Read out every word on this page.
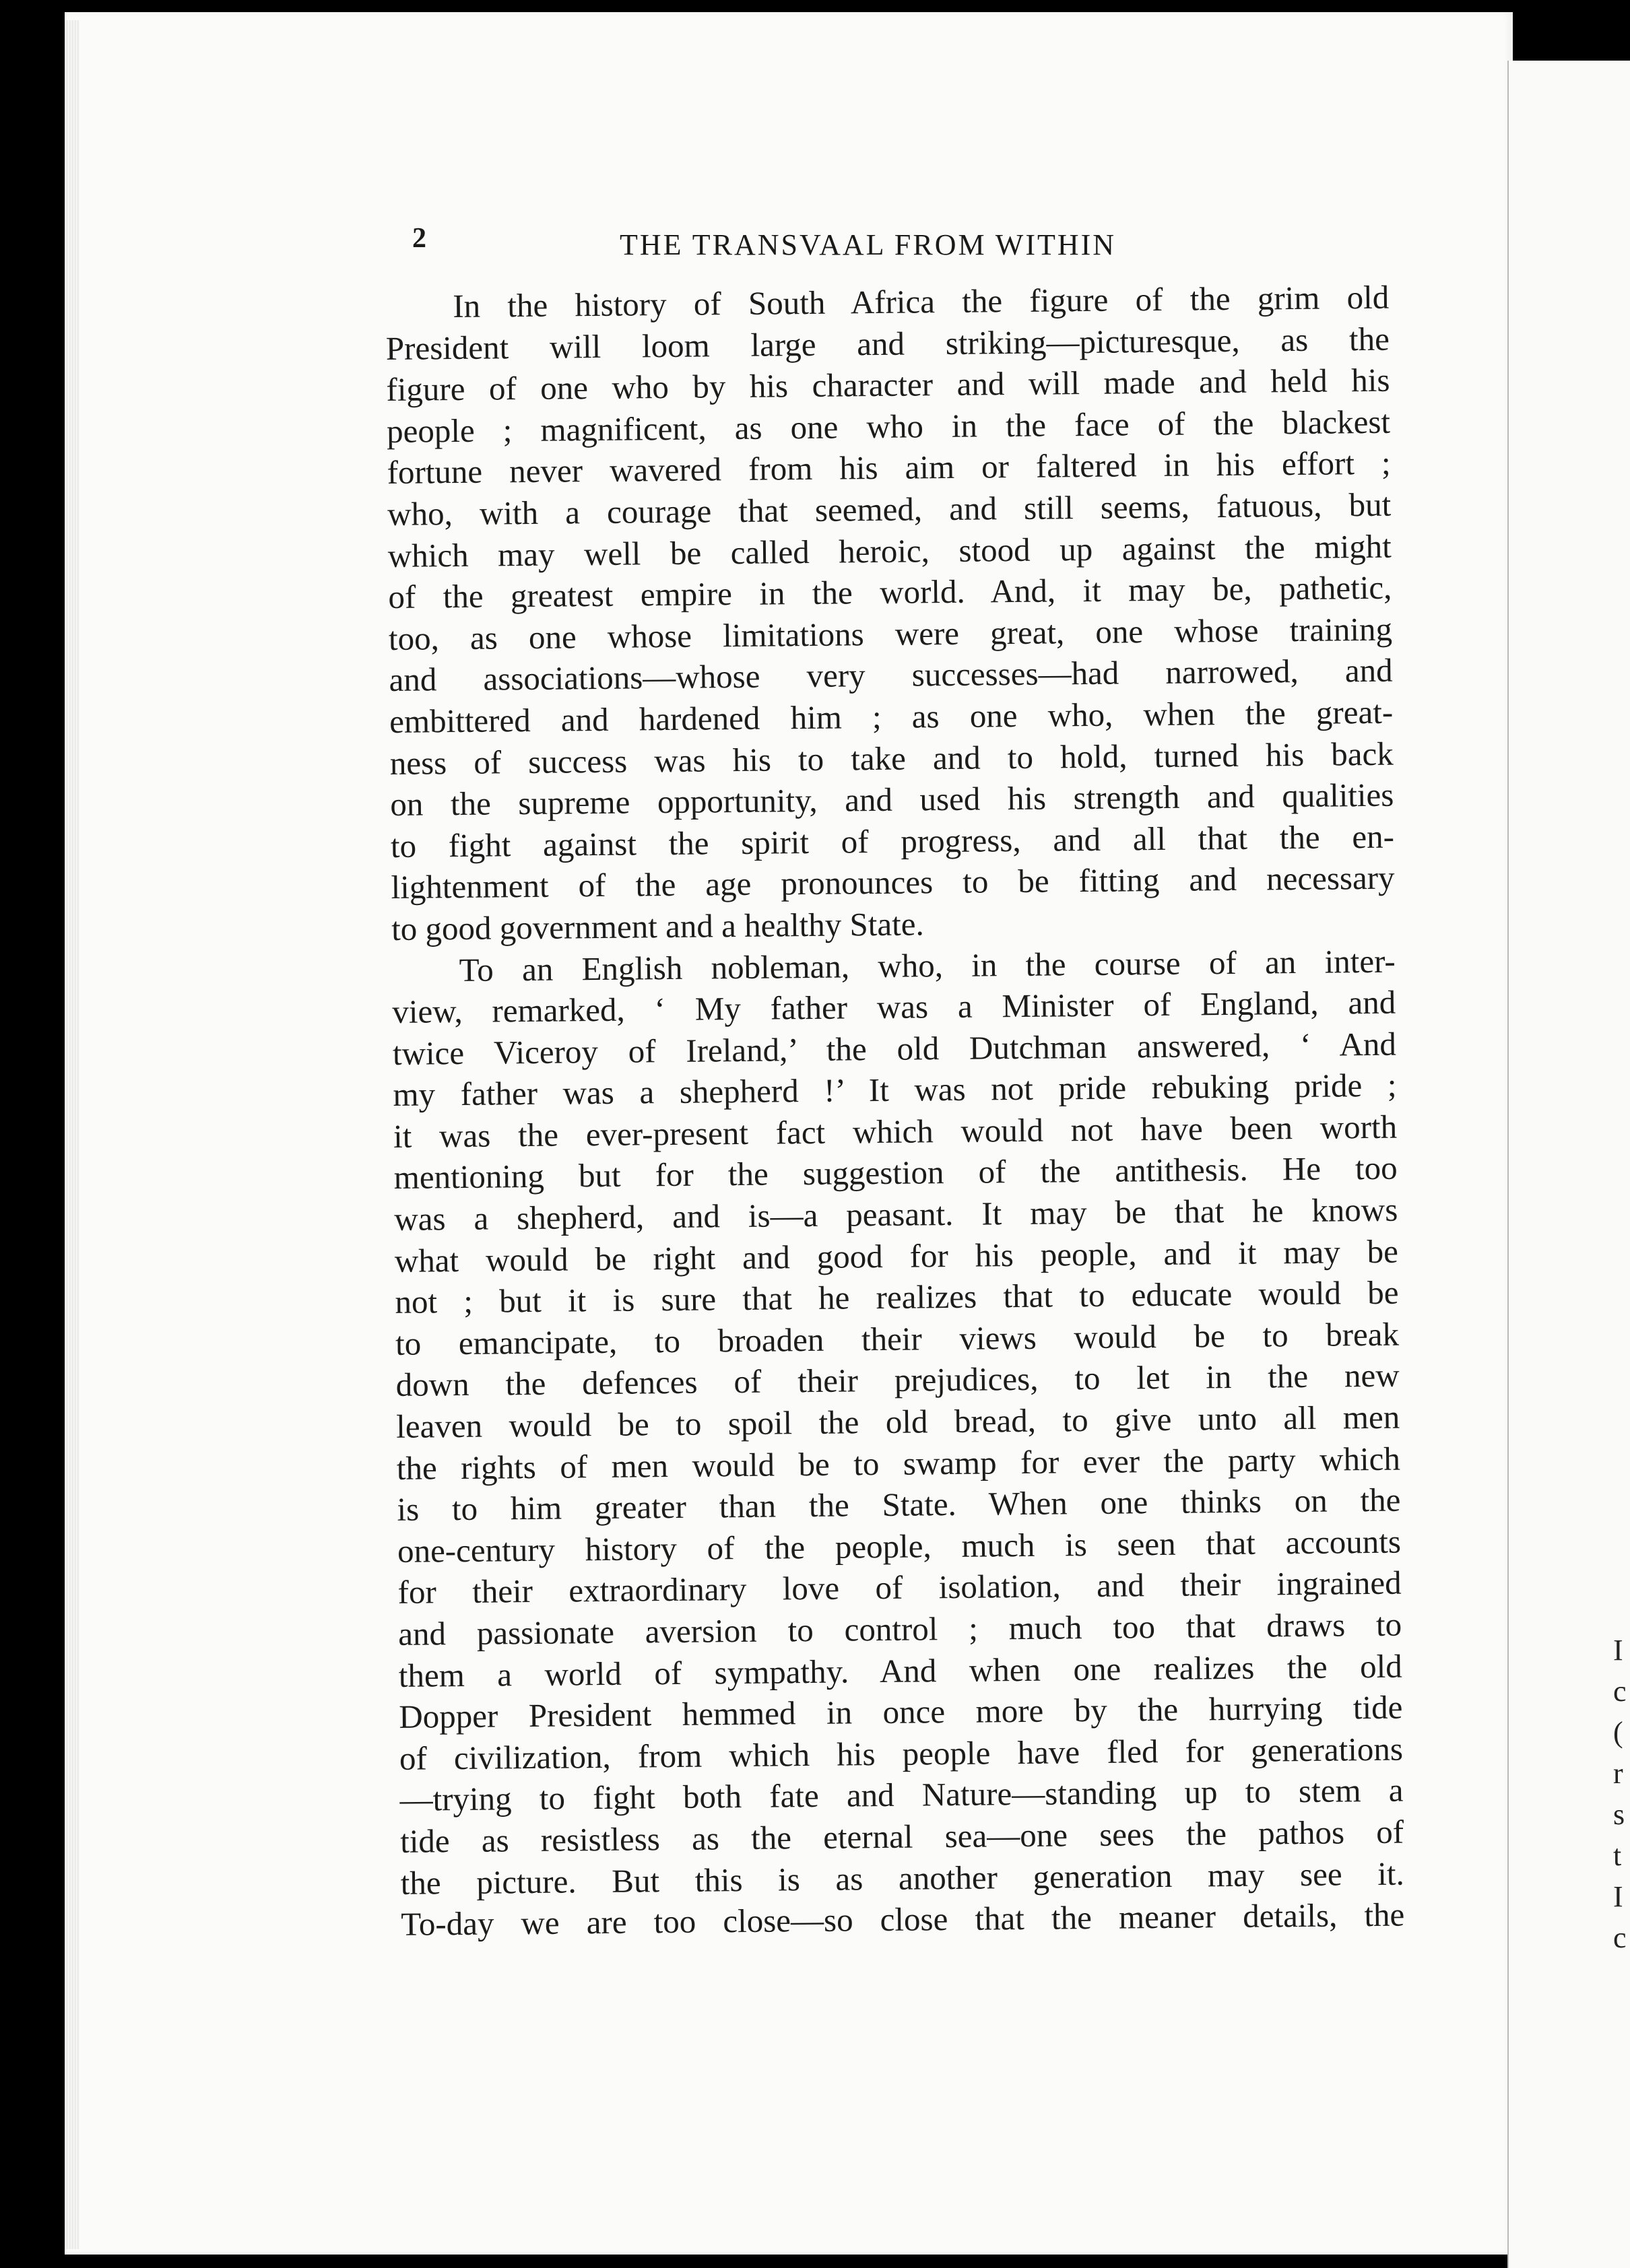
I
c
(
r
s
t
I
c
2	THE TRANSVAAL FROM WITHIN
In the history of South Africa the figure of the grim old
President will loom large and striking—picturesque, as the
figure of one who by his character and will made and held his
people ; magnificent, as one who in the face of the blackest
fortune never wavered from his aim or faltered in his effort ;
who, with a courage that seemed, and still seems, fatuous, but
which may well be called heroic, stood up against the might
of the greatest empire in the world. And, it may be, pathetic,
too, as one whose limitations were great, one whose training
and associations—whose very successes—had narrowed, and
embittered and hardened him ; as one who, when the great-
ness of success was his to take and to hold, turned his back
on the supreme opportunity, and used his strength and qualities
to fight against the spirit of progress, and all that the en-
lightenment of the age pronounces to be fitting and necessary
to good government and a healthy State.
To an English nobleman, who, in the course of an inter-
view, remarked, ‘ My father was a Minister of England, and
twice Viceroy of Ireland,’ the old Dutchman answered, ‘ And
my father was a shepherd !’ It was not pride rebuking pride ;
it was the ever-present fact which would not have been worth
mentioning but for the suggestion of the antithesis. He too
was a shepherd, and is—a peasant. It may be that he knows
what would be right and good for his people, and it may be
not ; but it is sure that he realizes that to educate would be
to emancipate, to broaden their views would be to break
down the defences of their prejudices, to let in the new
leaven would be to spoil the old bread, to give unto all men
the rights of men would be to swamp for ever the party which
is to him greater than the State. When one thinks on the
one-century history of the people, much is seen that accounts
for their extraordinary love of isolation, and their ingrained
and passionate aversion to control ; much too that draws to
them a world of sympathy. And when one realizes the old
Dopper President hemmed in once more by the hurrying tide
of civilization, from which his people have fled for generations
—trying to fight both fate and Nature—standing up to stem a
tide as resistless as the eternal sea—one sees the pathos of
the picture. But this is as another generation may see it.
To-day we are too close—so close that the meaner details, the
